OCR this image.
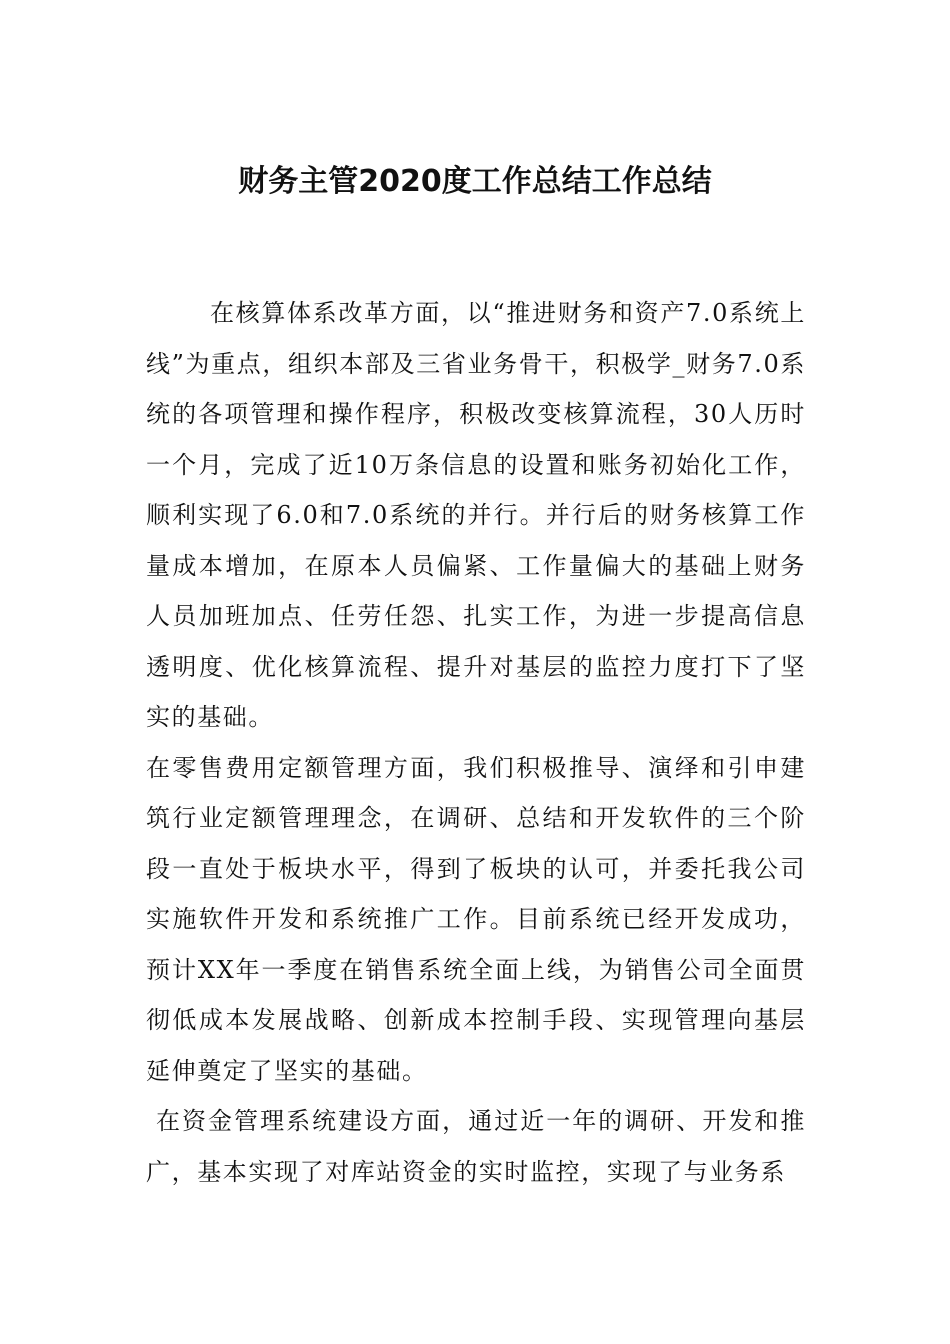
财务主管2020度工作总结工作总结

在核算体系改革方面，以“推进财务和资产7.0系统上线”为重点，组织本部及三省业务骨干，积极学_财务7.0系统的各项管理和操作程序，积极改变核算流程，30人历时一个月，完成了近10万条信息的设置和账务初始化工作，顺利实现了6.0和7.0系统的并行。并行后的财务核算工作量成本增加，在原本人员偏紧、工作量偏大的基础上财务人员加班加点、任劳任怨、扎实工作，为进一步提高信息透明度、优化核算流程、提升对基层的监控力度打下了坚实的基础。

在零售费用定额管理方面，我们积极推导、演绎和引申建筑行业定额管理理念，在调研、总结和开发软件的三个阶段一直处于板块水平，得到了板块的认可，并委托我公司实施软件开发和系统推广工作。目前系统已经开发成功，预计XX年一季度在销售系统全面上线，为销售公司全面贯彻低成本发展战略、创新成本控制手段、实现管理向基层延伸奠定了坚实的基础。

在资金管理系统建设方面，通过近一年的调研、开发和推广，基本实现了对库站资金的实时监控，实现了与业务系
